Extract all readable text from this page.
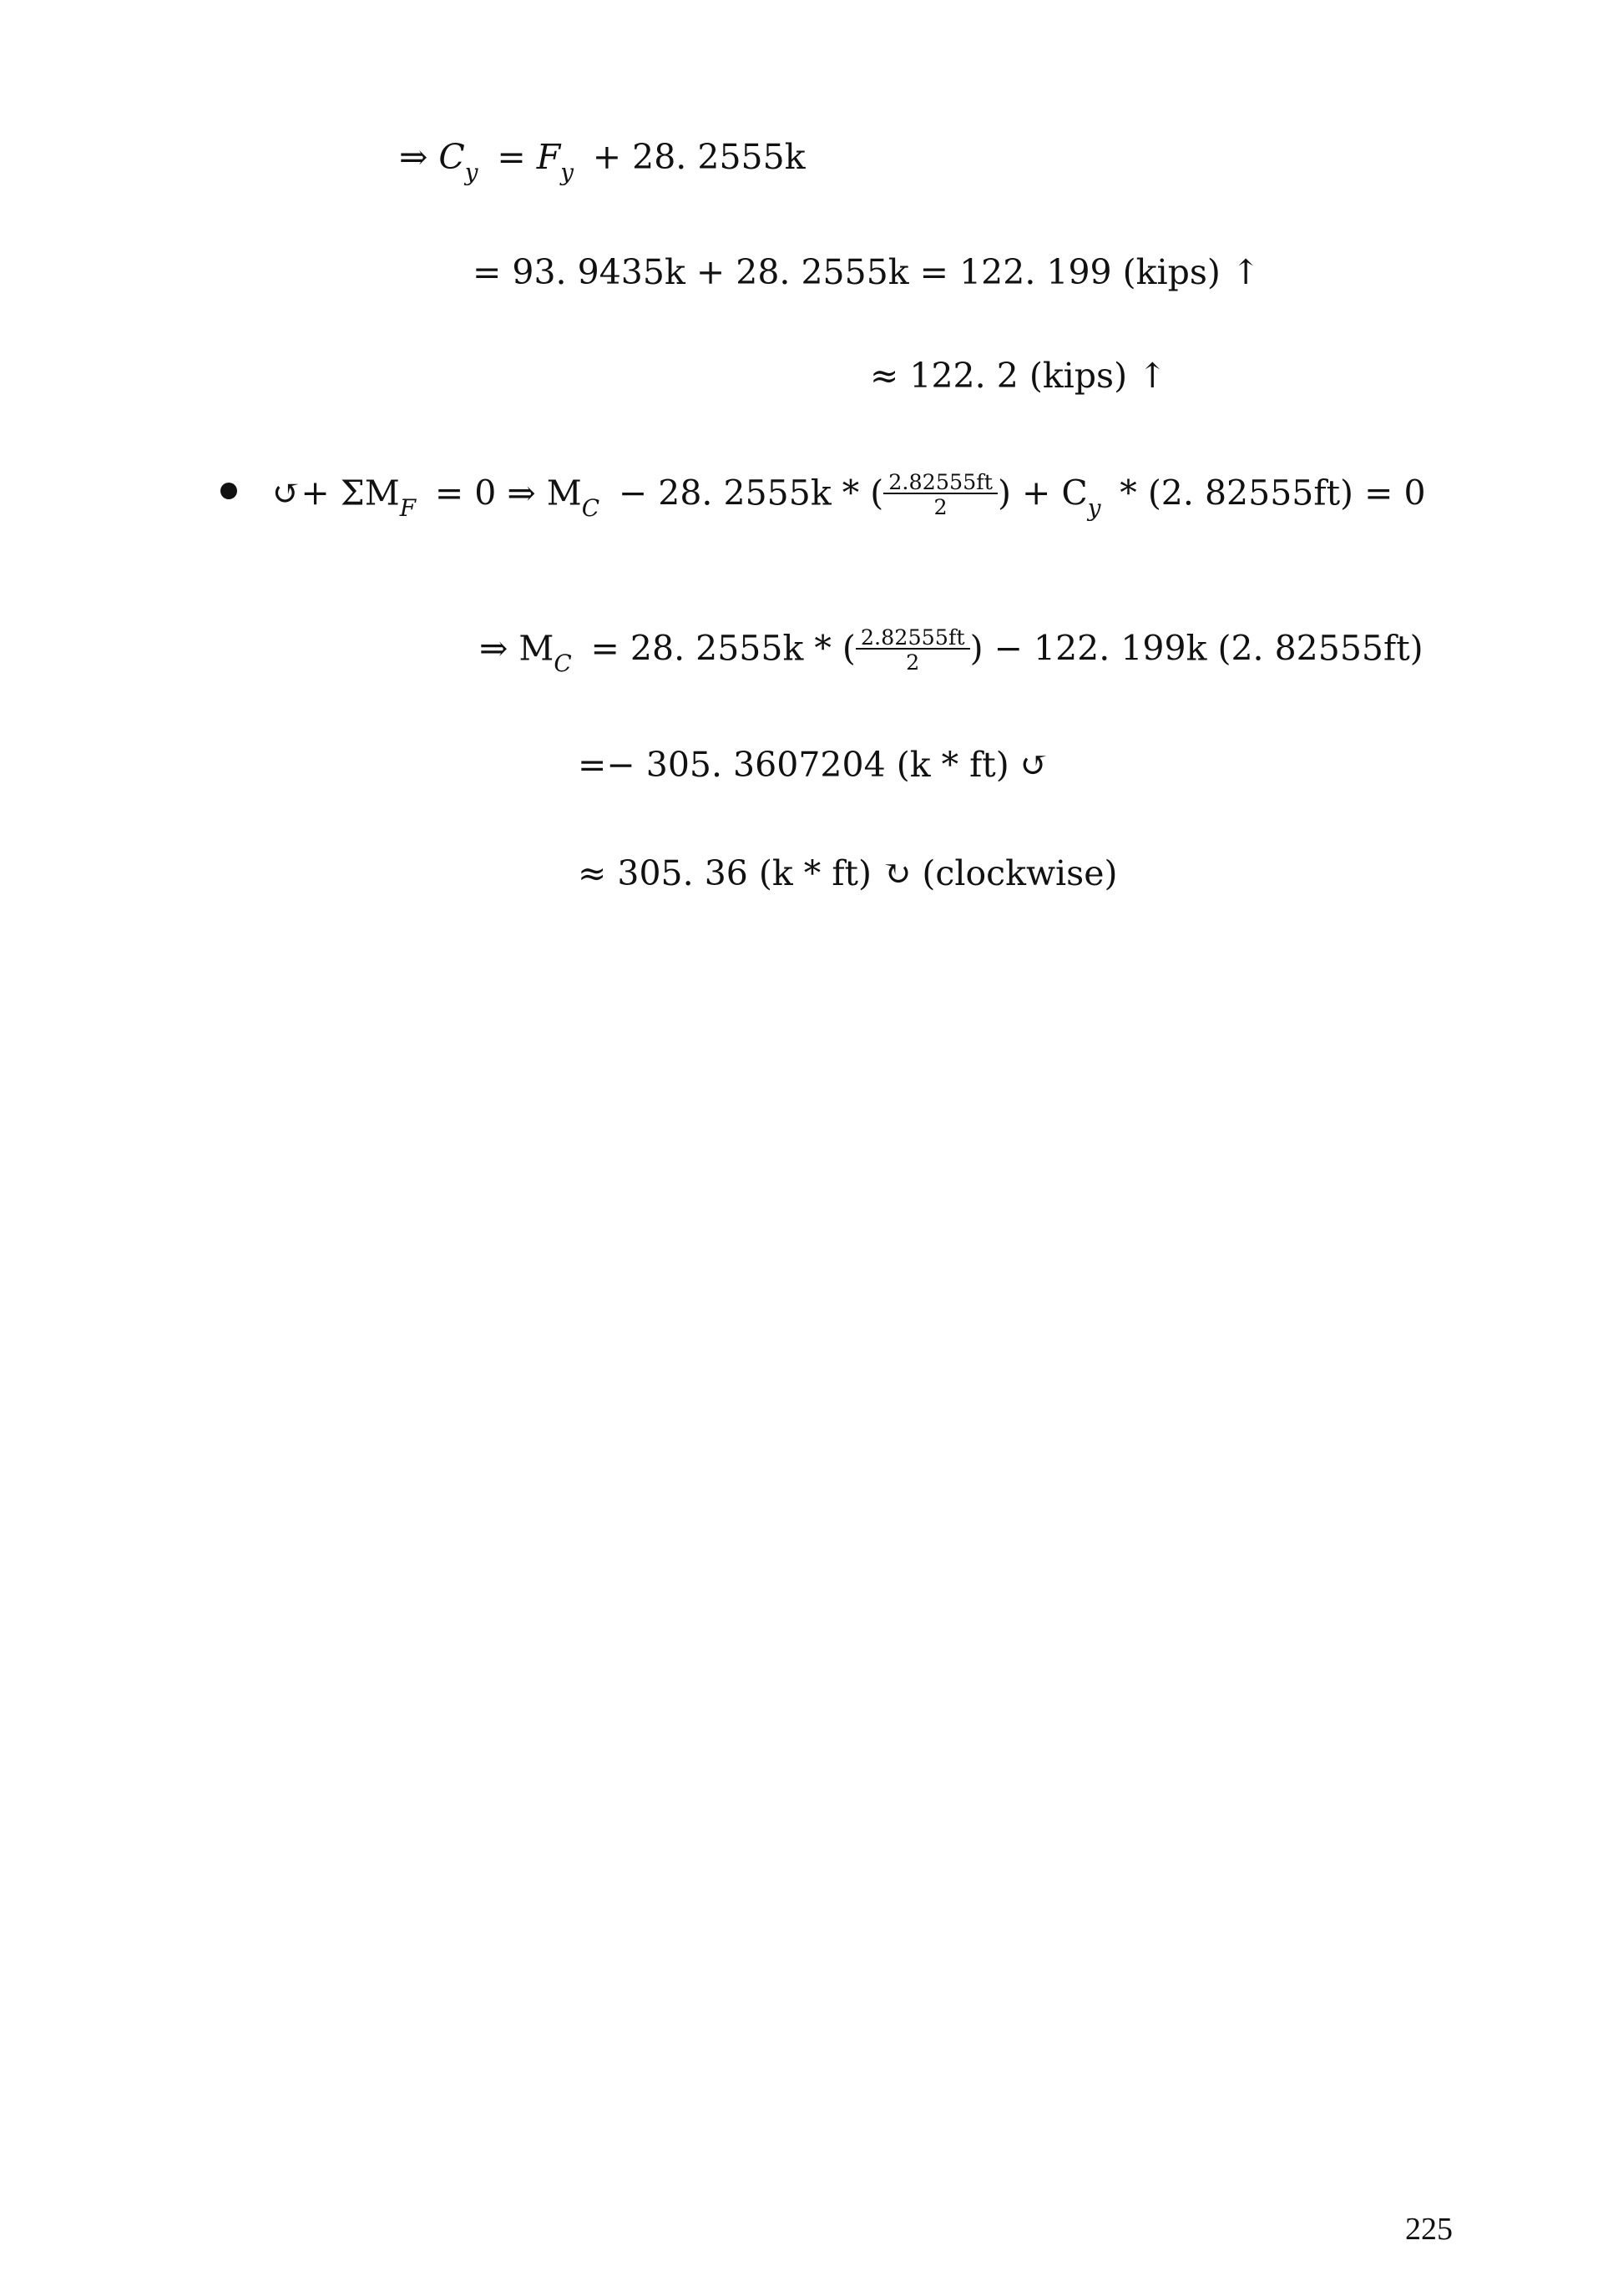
⇒ $C_y = F_y + 28$. 2555k
= 93. 9435k + 28. 2555k = 122. 199 (kips) ↑
≈ 122. 2 (kips) ↑
↺+ $\Sigma M_F = 0$ ⇒ $M_C - 28$. 2555k * ( $\frac{2.82555ft}{2}$ ) + $C_y * (2$. 82555ft) = 0
⇒ $M_C = 28$. 2555k * ( $\frac{2.82555ft}{2}$ ) − 122. 199k (2. 82555ft)
=− 305. 3607204 (k * ft) ↺
≈ 305. 36 (k * ft) ↻ (clockwise)
225
